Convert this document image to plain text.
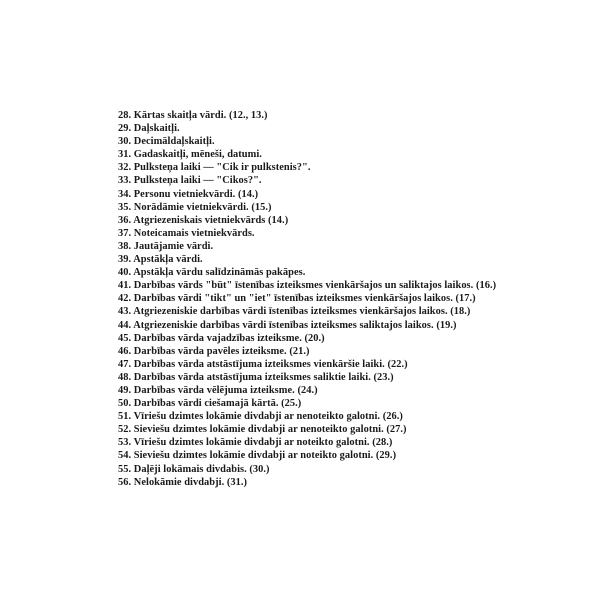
28. Kārtas skaitļa vārdi. (12., 13.)
29. Daļskaitļi.
30. Decimāldaļskaitļi.
31. Gadaskaitļi, mēneši, datumi.
32. Pulksteņa laiki — "Cik ir pulkstenis?".
33. Pulksteņa laiki — "Cikos?".
34. Personu vietniekvārdi. (14.)
35. Norādāmie vietniekvārdi. (15.)
36. Atgriezeniskais vietniekvārds (14.)
37. Noteicamais vietniekvārds.
38. Jautājamie vārdi.
39. Apstākļa vārdi.
40. Apstākļa vārdu salīdzināmās pakāpes.
41. Darbības vārds "būt" īstenības izteiksmes vienkāršajos un saliktajos laikos. (16.)
42. Darbības vārdi "tikt" un "iet" īstenības izteiksmes vienkāršajos laikos. (17.)
43. Atgriezeniskie darbības vārdi īstenības izteiksmes vienkāršajos laikos. (18.)
44. Atgriezeniskie darbības vārdi īstenības izteiksmes saliktajos laikos. (19.)
45. Darbības vārda vajadzības izteiksme. (20.)
46. Darbības vārda pavēles izteiksme. (21.)
47. Darbības vārda atstāstījuma izteiksmes vienkāršie laiki. (22.)
48. Darbības vārda atstāstījuma izteiksmes saliktie laiki. (23.)
49. Darbības vārda vēlējuma izteiksme. (24.)
50. Darbības vārdi ciešamajā kārtā. (25.)
51. Vīriešu dzimtes lokāmie divdabji ar nenoteikto galotni. (26.)
52. Sieviešu dzimtes lokāmie divdabji ar nenoteikto galotni. (27.)
53. Vīriešu dzimtes lokāmie divdabji ar noteikto galotni. (28.)
54. Sieviešu dzimtes lokāmie divdabji ar noteikto galotni. (29.)
55. Daļēji lokāmais divdabis. (30.)
56. Nelokāmie divdabji. (31.)
